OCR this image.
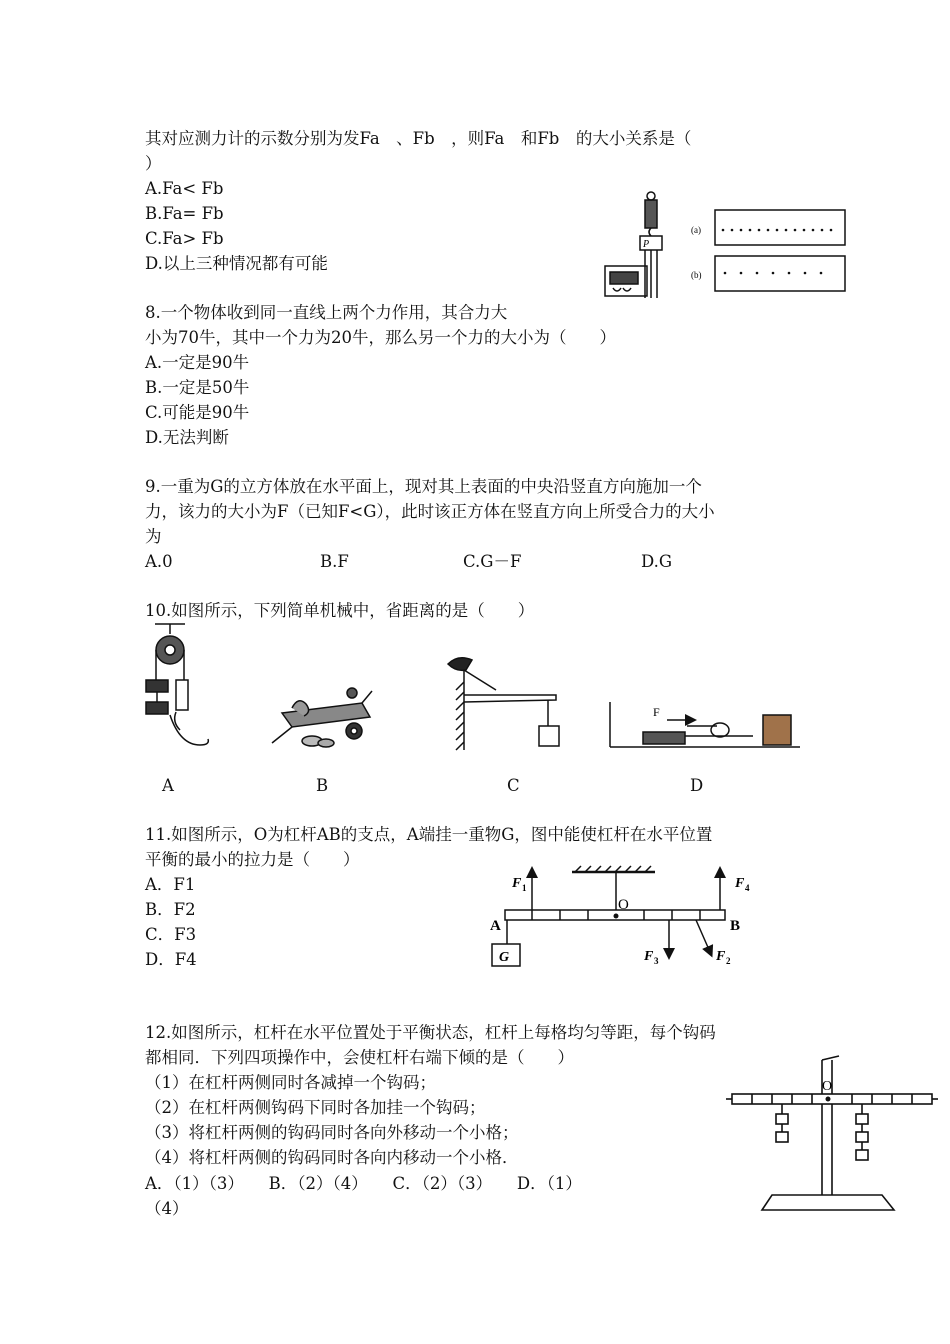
其对应测力计的示数分别为发Fa　、Fb　，则Fa　和Fb　的大小关系是（
）
A.Fa< Fb
B.Fa= Fb
C.Fa> Fb
D.以上三种情况都有可能
P
(a)
(b)
8.一个物体收到同一直线上两个力作用，其合力大
小为70牛，其中一个力为20牛，那么另一个力的大小为（　　）
A.一定是90牛
B.一定是50牛
C.可能是90牛
D.无法判断
9.一重为G的立方体放在水平面上，现对其上表面的中央沿竖直方向施加一个
力，该力的大小为F（已知F<G），此时该正方体在竖直方向上所受合力的大小
为
A.0	B.F	C.G－F	D.G
10.如图所示，下列简单机械中，省距离的是（　　）
F
A	B	C	D
11.如图所示，O为杠杆AB的支点，A端挂一重物G，图中能使杠杆在水平位置
平衡的最小的拉力是（　　）
A．F1
B．F2
C．F3
D．F4
A	B
O
G
F 1	F 4
F 3	F 2
12.如图所示，杠杆在水平位置处于平衡状态，杠杆上每格均匀等距，每个钩码
都相同．下列四项操作中，会使杠杆右端下倾的是（　　）
（1）在杠杆两侧同时各减掉一个钩码；
（2）在杠杆两侧钩码下同时各加挂一个钩码；
（3）将杠杆两侧的钩码同时各向外移动一个小格；
（4）将杠杆两侧的钩码同时各向内移动一个小格．
A．（1）（3）　　B．（2）（4）　　C．（2）（3）　　D．（1）
（4）
O
